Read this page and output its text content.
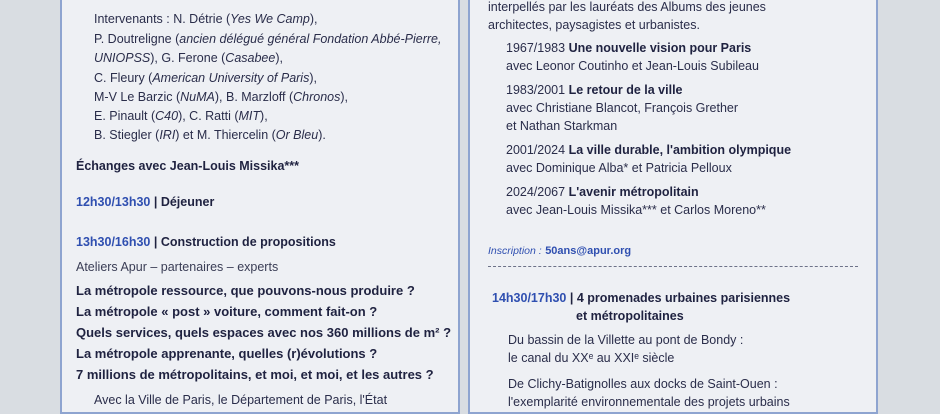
Intervenants : N. Détrie (Yes We Camp),
P. Doutreligne (ancien délégué général Fondation Abbé-Pierre,
UNIOPSS), G. Ferone (Casabee),
C. Fleury (American University of Paris),
M-V Le Barzic (NuMA), B. Marzloff (Chronos),
E. Pinault (C40), C. Ratti (MIT),
B. Stiegler (IRI) et M. Thiercelin (Or Bleu).
Échanges avec Jean-Louis Missika***
12h30/13h30 | Déjeuner
13h30/16h30 | Construction de propositions
Ateliers Apur – partenaires – experts
La métropole ressource, que pouvons-nous produire ?
La métropole « post » voiture, comment fait-on ?
Quels services, quels espaces avec nos 360 millions de m² ?
La métropole apprenante, quelles (r)évolutions ?
7 millions de métropolitains, et moi, et moi, et les autres ?
Avec la Ville de Paris, le Département de Paris, l'État
interpellés par les lauréats des Albums des jeunes
architectes, paysagistes et urbanistes.
1967/1983 Une nouvelle vision pour Paris
avec Leonor Coutinho et Jean-Louis Subileau
1983/2001 Le retour de la ville
avec Christiane Blancot, François Grether
et Nathan Starkman
2001/2024 La ville durable, l'ambition olympique
avec Dominique Alba* et Patricia Pelloux
2024/2067 L'avenir métropolitain
avec Jean-Louis Missika*** et Carlos Moreno**
Inscription : 50ans@apur.org
14h30/17h30 | 4 promenades urbaines parisiennes
et métropolitaines
Du bassin de la Villette au pont de Bondy :
le canal du XXᵉ au XXIᵉ siècle
De Clichy-Batignolles aux docks de Saint-Ouen :
l'exemplarité environnementale des projets urbains
